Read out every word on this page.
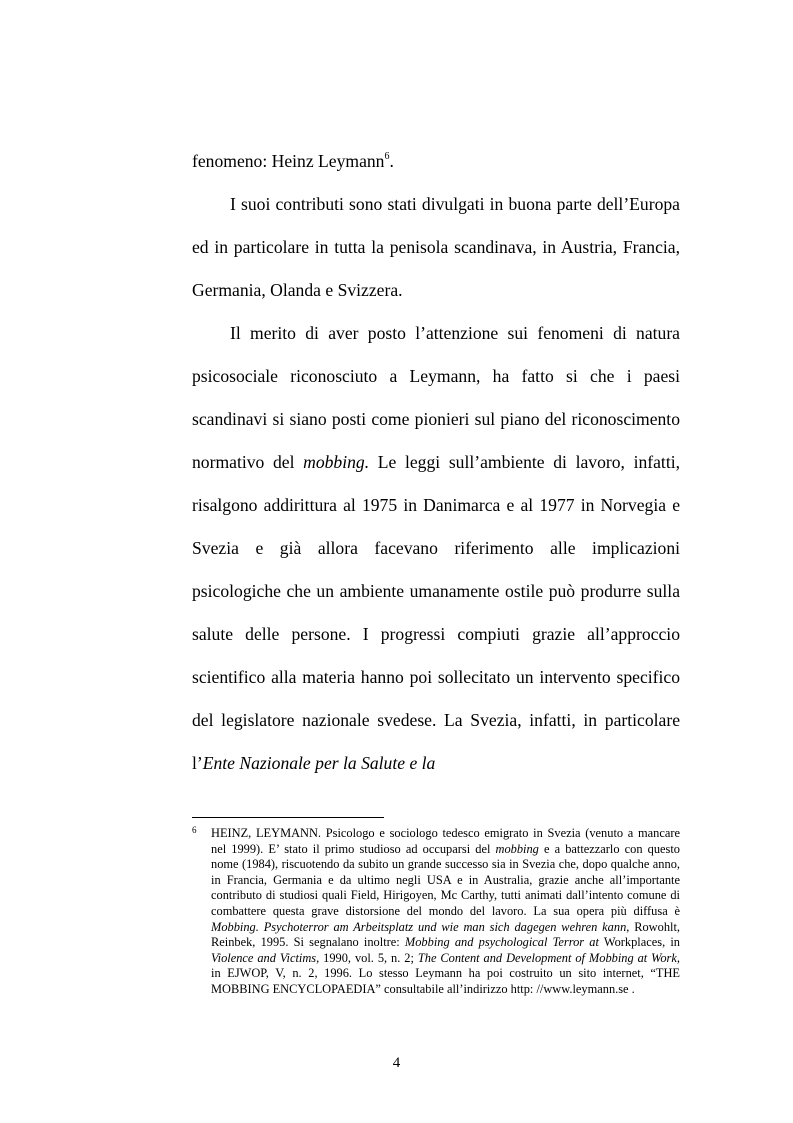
fenomeno: Heinz Leymann$^6$.

I suoi contributi sono stati divulgati in buona parte dell’Europa ed in particolare in tutta la penisola scandinava, in Austria, Francia, Germania, Olanda e Svizzera.

Il merito di aver posto l’attenzione sui fenomeni di natura psicosociale riconosciuto a Leymann, ha fatto si che i paesi scandinavi si siano posti come pionieri sul piano del riconoscimento normativo del mobbing. Le leggi sull’ambiente di lavoro, infatti, risalgono addirittura al 1975 in Danimarca e al 1977 in Norvegia e Svezia e già allora facevano riferimento alle implicazioni psicologiche che un ambiente umanamente ostile può produrre sulla salute delle persone. I progressi compiuti grazie all’approccio scientifico alla materia hanno poi sollecitato un intervento specifico del legislatore nazionale svedese. La Svezia, infatti, in particolare l’Ente Nazionale per la Salute e la

6	HEINZ, LEYMANN. Psicologo e sociologo tedesco emigrato in Svezia (venuto a mancare nel 1999). E’ stato il primo studioso ad occuparsi del mobbing e a battezzarlo con questo nome (1984), riscuotendo da subito un grande successo sia in Svezia che, dopo qualche anno, in Francia, Germania e da ultimo negli USA e in Australia, grazie anche all’importante contributo di studiosi quali Field, Hirigoyen, Mc Carthy, tutti animati dall’intento comune di combattere questa grave distorsione del mondo del lavoro. La sua opera più diffusa è Mobbing. Psychoterror am Arbeitsplatz und wie man sich dagegen wehren kann, Rowohlt, Reinbek, 1995. Si segnalano inoltre: Mobbing and psychological Terror at Workplaces, in Violence and Victims, 1990, vol. 5, n. 2; The Content and Development of Mobbing at Work, in EJWOP, V, n. 2, 1996. Lo stesso Leymann ha poi costruito un sito internet, “THE MOBBING ENCYCLOPAEDIA” consultabile all’indirizzo http: //www.leymann.se .
4
